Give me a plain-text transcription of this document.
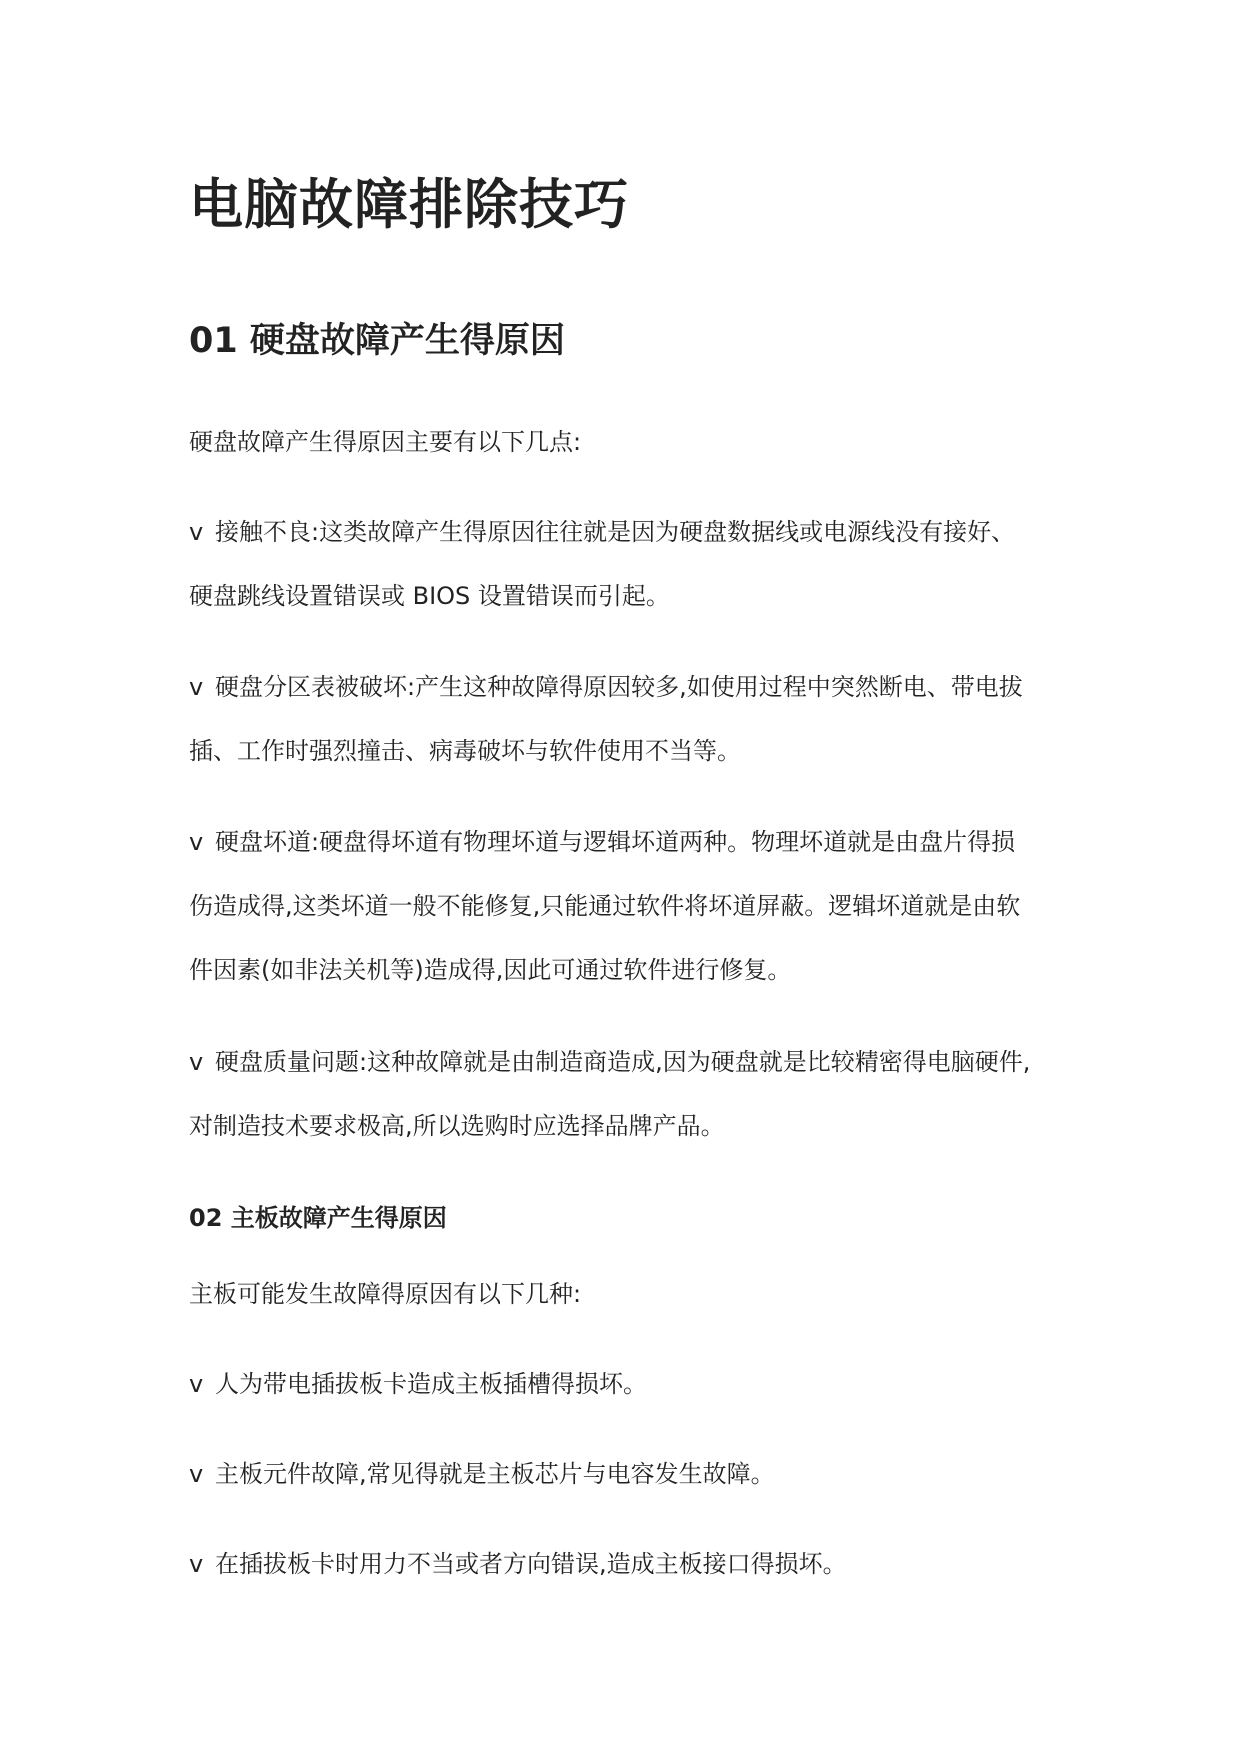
电脑故障排除技巧
01 硬盘故障产生得原因

硬盘故障产生得原因主要有以下几点:

v 接触不良:这类故障产生得原因往往就是因为硬盘数据线或电源线没有接好、

硬盘跳线设置错误或 BIOS 设置错误而引起。

v 硬盘分区表被破坏:产生这种故障得原因较多,如使用过程中突然断电、带电拔

插、工作时强烈撞击、病毒破坏与软件使用不当等。

v 硬盘坏道:硬盘得坏道有物理坏道与逻辑坏道两种。物理坏道就是由盘片得损

伤造成得,这类坏道一般不能修复,只能通过软件将坏道屏蔽。逻辑坏道就是由软

件因素(如非法关机等)造成得,因此可通过软件进行修复。

v 硬盘质量问题:这种故障就是由制造商造成,因为硬盘就是比较精密得电脑硬件,

对制造技术要求极高,所以选购时应选择品牌产品。

02 主板故障产生得原因

主板可能发生故障得原因有以下几种:

v 人为带电插拔板卡造成主板插槽得损坏。

v 主板元件故障,常见得就是主板芯片与电容发生故障。

v 在插拔板卡时用力不当或者方向错误,造成主板接口得损坏。
